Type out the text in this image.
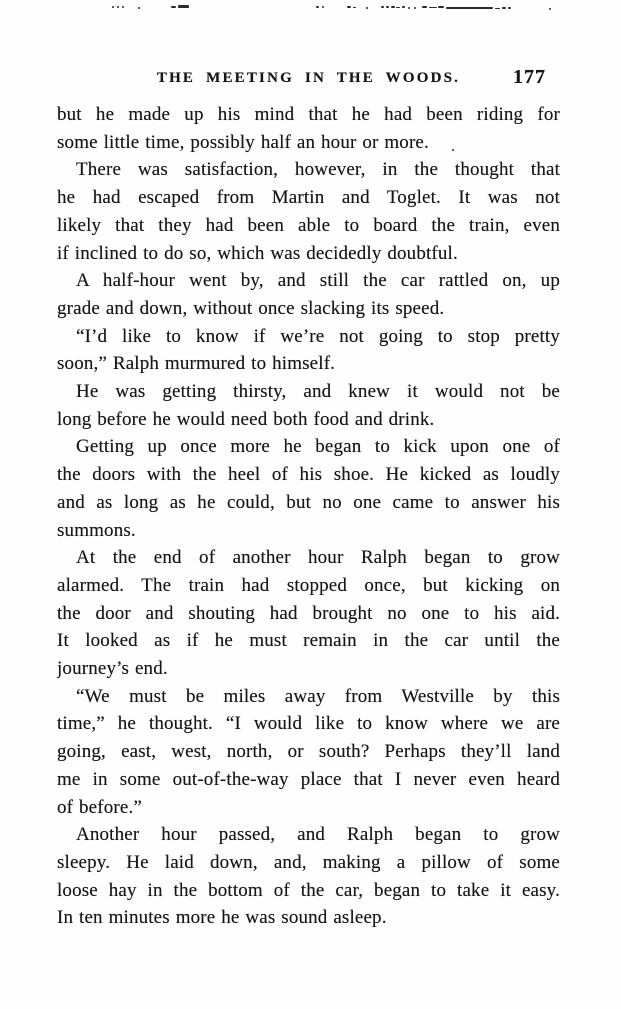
THE MEETING IN THE WOODS.	177
but he made up his mind that he had been riding for
some little time, possibly half an hour or more.
There was satisfaction, however, in the thought that
he had escaped from Martin and Toglet. It was not
likely that they had been able to board the train, even
if inclined to do so, which was decidedly doubtful.
A half-hour went by, and still the car rattled on, up
grade and down, without once slacking its speed.
“I’d like to know if we’re not going to stop pretty
soon,” Ralph murmured to himself.
He was getting thirsty, and knew it would not be
long before he would need both food and drink.
Getting up once more he began to kick upon one of
the doors with the heel of his shoe. He kicked as loudly
and as long as he could, but no one came to answer his
summons.
At the end of another hour Ralph began to grow
alarmed. The train had stopped once, but kicking on
the door and shouting had brought no one to his aid.
It looked as if he must remain in the car until the
journey’s end.
“We must be miles away from Westville by this
time,” he thought. “I would like to know where we are
going, east, west, north, or south? Perhaps they’ll land
me in some out-of-the-way place that I never even heard
of before.”
Another hour passed, and Ralph began to grow
sleepy. He laid down, and, making a pillow of some
loose hay in the bottom of the car, began to take it easy.
In ten minutes more he was sound asleep.
